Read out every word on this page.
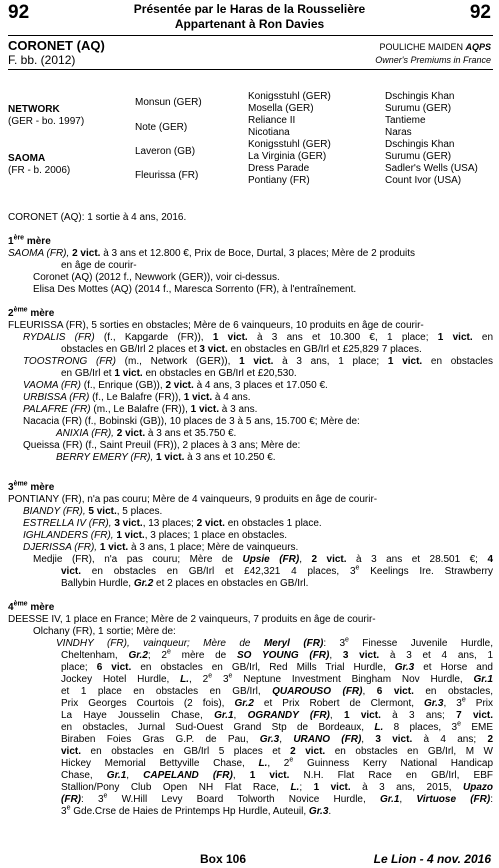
92	92
Présentée par le Haras de la Rousselière
Appartenant à Ron Davies
CORONET (AQ)
F. bb. (2012)
POULICHE MAIDEN AQPS
Owner's Premiums in France
NETWORK
(GER - bo. 1997)
SAOMA
(FR - b. 2006)
Monsun (GER)
Note (GER)
Laveron (GB)
Fleurissa (FR)
Konigsstuhl (GER)
Mosella (GER)
Reliance II
Nicotiana
Konigsstuhl (GER)
La Virginia (GER)
Dress Parade
Pontiany (FR)
Dschingis Khan
Surumu (GER)
Tantieme
Naras
Dschingis Khan
Surumu (GER)
Sadler's Wells (USA)
Count Ivor (USA)
CORONET (AQ): 1 sortie à 4 ans, 2016.
1ère mère
SAOMA (FR), 2 vict. à 3 ans et 12.800 €, Prix de Boce, Durtal, 3 places; Mère de 2 produits
en âge de courir-
Coronet (AQ) (2012 f., Newwork (GER)), voir ci-dessus.
Elisa Des Mottes (AQ) (2014 f., Maresca Sorrento (FR), à l'entraînement.
2ème mère
FLEURISSA (FR), 5 sorties en obstacles; Mère de 6 vainqueurs, 10 produits en âge de courir-
RYDALIS (FR) (f., Kapgarde (FR)), 1 vict. à 3 ans et 10.300 €, 1 place; 1 vict. en
obstacles en GB/Irl 2 places et 3 vict. en obstacles en GB/Irl et £25,829 7 places.
TOOSTRONG (FR) (m., Network (GER)), 1 vict. à 3 ans, 1 place; 1 vict. en obstacles
en GB/Irl et 1 vict. en obstacles en GB/Irl et £20,530.
VAOMA (FR) (f., Enrique (GB)), 2 vict. à 4 ans, 3 places et 17.050 €.
URBISSA (FR) (f., Le Balafre (FR)), 1 vict. à 4 ans.
PALAFRE (FR) (m., Le Balafre (FR)), 1 vict. à 3 ans.
Nacacia (FR) (f., Bobinski (GB)), 10 places de 3 à 5 ans, 15.700 €; Mère de:
ANIXIA (FR), 2 vict. à 3 ans et 35.750 €.
Queissa (FR) (f., Saint Preuil (FR)), 2 places à 3 ans; Mère de:
BERRY EMERY (FR), 1 vict. à 3 ans et 10.250 €.
3ème mère
PONTIANY (FR), n'a pas couru; Mère de 4 vainqueurs, 9 produits en âge de courir-
BIANDY (FR), 5 vict., 5 places.
ESTRELLA IV (FR), 3 vict., 13 places; 2 vict. en obstacles 1 place.
IGHLANDERS (FR), 1 vict., 3 places; 1 place en obstacles.
DJERISSA (FR), 1 vict. à 3 ans, 1 place; Mère de vainqueurs.
Medjie (FR), n'a pas couru; Mère de Upsie (FR), 2 vict. à 3 ans et 28.501 €; 4
vict. en obstacles en GB/Irl et £42,321 4 places, 3e Keelings Ire. Strawberry
Ballybin Hurdle, Gr.2 et 2 places en obstacles en GB/Irl.
4ème mère
DEESSE IV, 1 place en France; Mère de 2 vainqueurs, 7 produits en âge de courir-
Olchany (FR), 1 sortie; Mère de:
VINDHY (FR), vainqueur; Mère de Meryl (FR): 3e Finesse Juvenile Hurdle,
Cheltenham, Gr.2; 2e mère de SO YOUNG (FR), 3 vict. à 3 et 4 ans, 1
place; 6 vict. en obstacles en GB/Irl, Red Mills Trial Hurdle, Gr.3 et Horse and
Jockey Hotel Hurdle, L., 2e 3e Neptune Investment Bingham Nov Hurdle, Gr.1
et 1 place en obstacles en GB/Irl, QUAROUSO (FR), 6 vict. en obstacles,
Prix Georges Courtois (2 fois), Gr.2 et Prix Robert de Clermont, Gr.3, 3e Prix
La Haye Jousselin Chase, Gr.1, OGRANDY (FR), 1 vict. à 3 ans; 7 vict.
en obstacles, Jurnal Sud-Ouest Grand Stp de Bordeaux, L. 8 places, 3e EME
Biraben Foies Gras G.P. de Pau, Gr.3, URANO (FR), 3 vict. à 4 ans; 2
vict. en obstacles en GB/Irl 5 places et 2 vict. en obstacles en GB/Irl, M W
Hickey Memorial Bettyville Chase, L., 2e Guinness Kerry National Handicap
Chase, Gr.1, CAPELAND (FR), 1 vict. N.H. Flat Race en GB/Irl, EBF
Stallion/Pony Club Open NH Flat Race, L.; 1 vict. à 3 ans, 2015, Upazo
(FR): 3e W.Hill Levy Board Tolworth Novice Hurdle, Gr.1, Virtuose (FR):
3e Gde.Crse de Haies de Printemps Hp Hurdle, Auteuil, Gr.3.
Box 106	Le Lion - 4 nov. 2016
